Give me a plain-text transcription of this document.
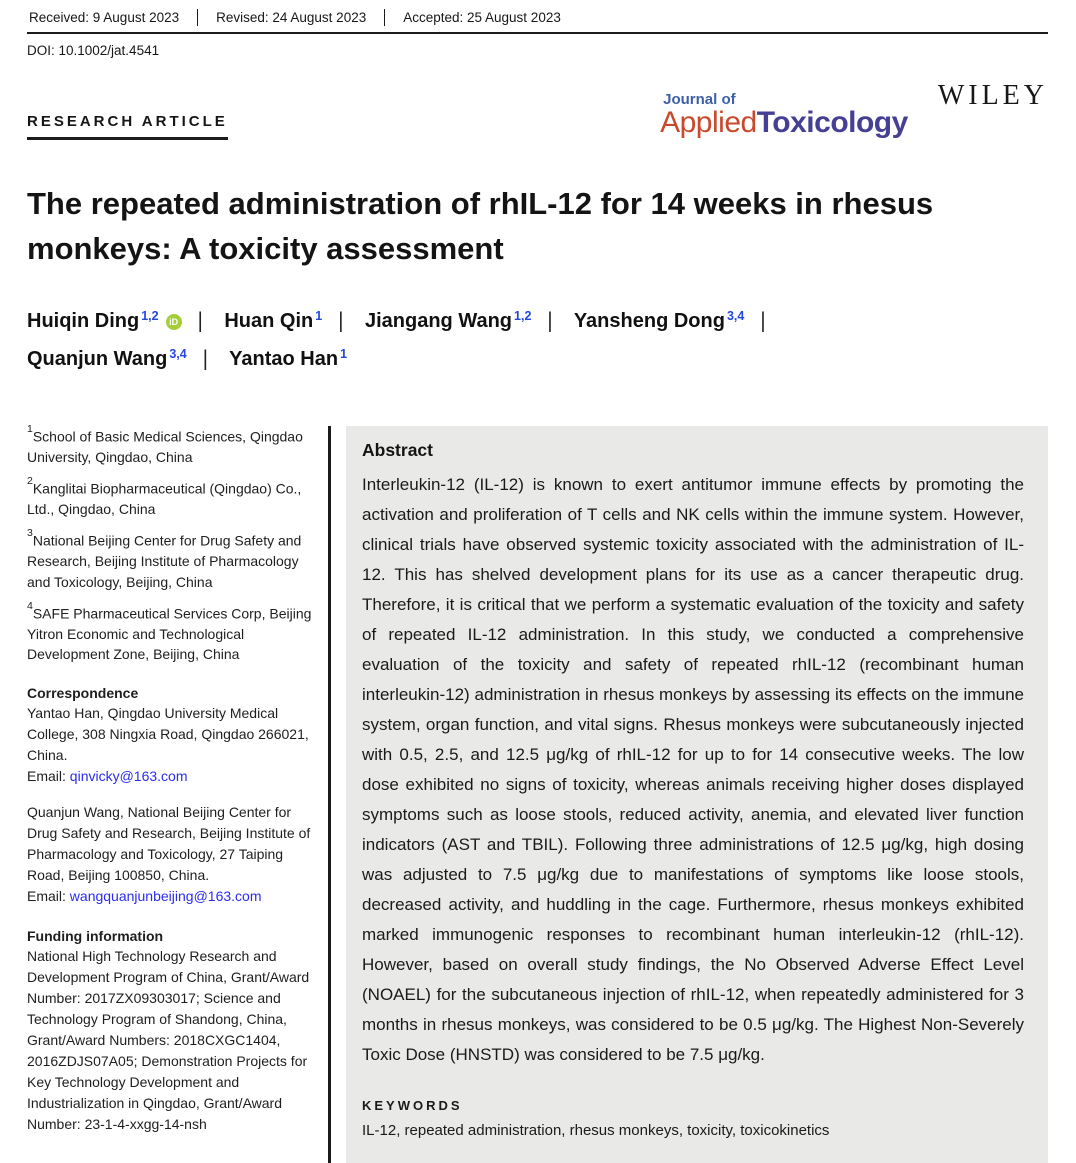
Received: 9 August 2023	Revised: 24 August 2023	Accepted: 25 August 2023
DOI: 10.1002/jat.4541
RESEARCH ARTICLE
Journal of
AppliedToxicology
WILEY
The repeated administration of rhIL-12 for 14 weeks in rhesus monkeys: A toxicity assessment
Huiqin Ding $^{1,2}$ iD | Huan Qin $^1$ | Jiangang Wang $^{1,2}$ | Yansheng Dong $^{3,4}$ | Quanjun Wang $^{3,4}$ | Yantao Han $^1$

$^1$School of Basic Medical Sciences, Qingdao University, Qingdao, China

$^2$Kanglitai Biopharmaceutical (Qingdao) Co., Ltd., Qingdao, China

$^3$National Beijing Center for Drug Safety and Research, Beijing Institute of Pharmacology and Toxicology, Beijing, China

$^4$SAFE Pharmaceutical Services Corp, Beijing Yitron Economic and Technological Development Zone, Beijing, China

Correspondence
Yantao Han, Qingdao University Medical College, 308 Ningxia Road, Qingdao 266021, China.
Email: qinvicky@163.com
Quanjun Wang, National Beijing Center for Drug Safety and Research, Beijing Institute of Pharmacology and Toxicology, 27 Taiping Road, Beijing 100850, China.
Email: wangquanjunbeijing@163.com
Funding information
National High Technology Research and Development Program of China, Grant/Award Number: 2017ZX09303017; Science and Technology Program of Shandong, China, Grant/Award Numbers: 2018CXGC1404, 2016ZDJS07A05; Demonstration Projects for Key Technology Development and Industrialization in Qingdao, Grant/Award Number: 23-1-4-xxgg-14-nsh
Abstract

Interleukin-12 (IL-12) is known to exert antitumor immune effects by promoting the activation and proliferation of T cells and NK cells within the immune system. However, clinical trials have observed systemic toxicity associated with the administration of IL-12. This has shelved development plans for its use as a cancer therapeutic drug. Therefore, it is critical that we perform a systematic evaluation of the toxicity and safety of repeated IL-12 administration. In this study, we conducted a comprehensive evaluation of the toxicity and safety of repeated rhIL-12 (recombinant human interleukin-12) administration in rhesus monkeys by assessing its effects on the immune system, organ function, and vital signs. Rhesus monkeys were subcutaneously injected with 0.5, 2.5, and 12.5 μg/kg of rhIL-12 for up to for 14 consecutive weeks. The low dose exhibited no signs of toxicity, whereas animals receiving higher doses displayed symptoms such as loose stools, reduced activity, anemia, and elevated liver function indicators (AST and TBIL). Following three administrations of 12.5 μg/kg, high dosing was adjusted to 7.5 μg/kg due to manifestations of symptoms like loose stools, decreased activity, and huddling in the cage. Furthermore, rhesus monkeys exhibited marked immunogenic responses to recombinant human interleukin-12 (rhIL-12). However, based on overall study findings, the No Observed Adverse Effect Level (NOAEL) for the subcutaneous injection of rhIL-12, when repeatedly administered for 3 months in rhesus monkeys, was considered to be 0.5 μg/kg. The Highest Non-Severely Toxic Dose (HNSTD) was considered to be 7.5 μg/kg.

KEYWORDS
IL-12, repeated administration, rhesus monkeys, toxicity, toxicokinetics
